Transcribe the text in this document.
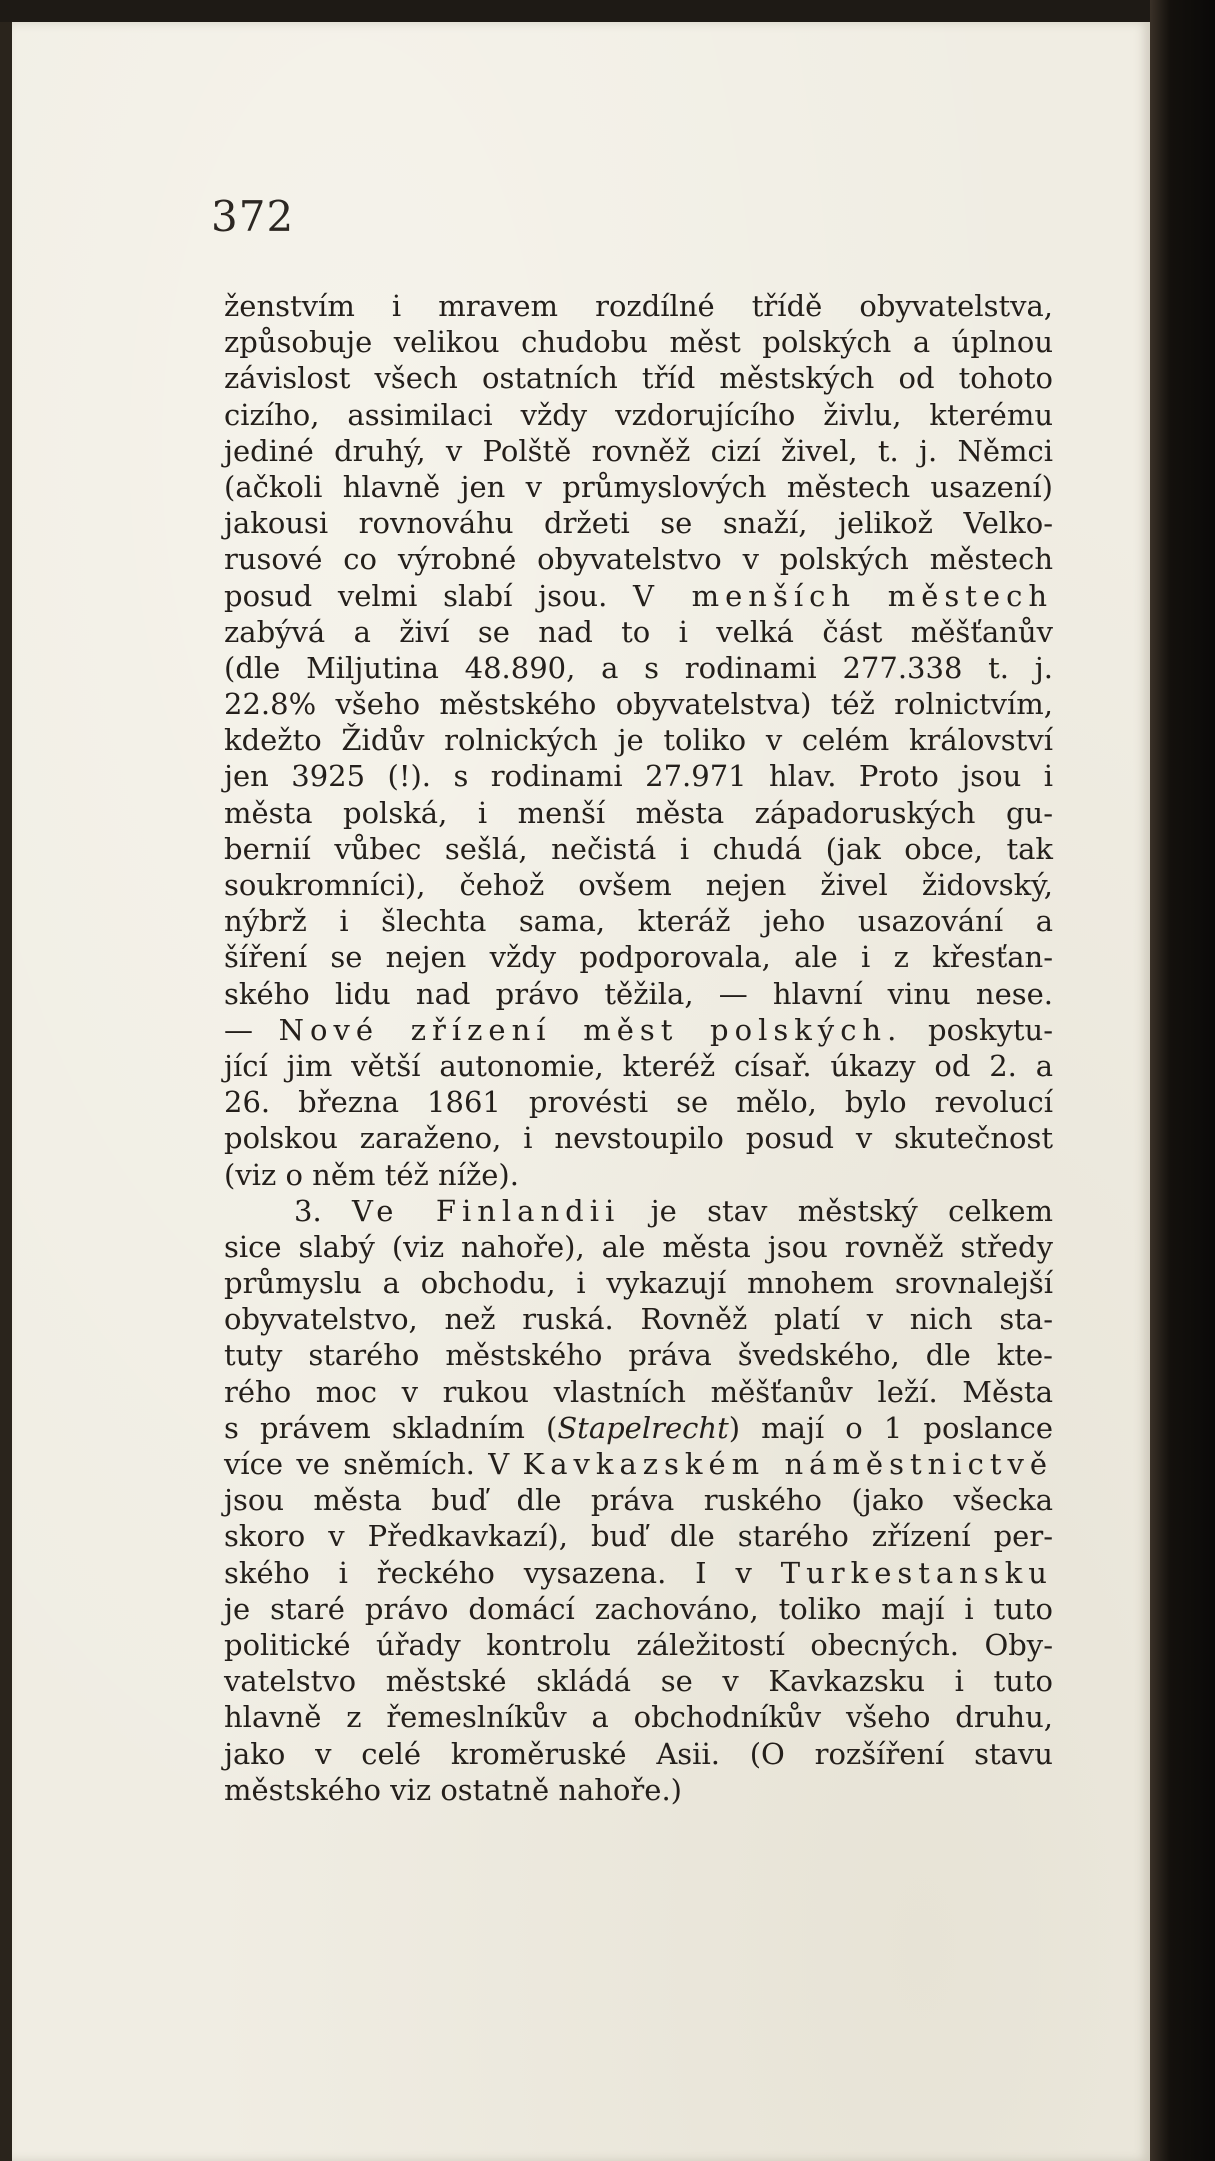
372
ženstvím i mravem rozdílné třídě obyvatelstva,
způsobuje velikou chudobu měst polských a úplnou
závislost všech ostatních tříd městských od tohoto
cizího, assimilaci vždy vzdorujícího živlu, kterému
jediné druhý, v Polště rovněž cizí živel, t. j. Němci
(ačkoli hlavně jen v průmyslových městech usazení)
jakousi rovnováhu držeti se snaží, jelikož Velko-
rusové co výrobné obyvatelstvo v polských městech
posud velmi slabí jsou. V menších městech
zabývá a živí se nad to i velká část měšťanův
(dle Miljutina 48.890, a s rodinami 277.338 t. j.
22.8% všeho městského obyvatelstva) též rolnictvím,
kdežto Židův rolnických je toliko v celém království
jen 3925 (!). s rodinami 27.971 hlav. Proto jsou i
města polská, i menší města západoruských gu-
bernií vůbec sešlá, nečistá i chudá (jak obce, tak
soukromníci), čehož ovšem nejen živel židovský,
nýbrž i šlechta sama, kteráž jeho usazování a
šíření se nejen vždy podporovala, ale i z křesťan-
ského lidu nad právo těžila, — hlavní vinu nese.
— Nové zřízení měst polských. poskytu-
jící jim větší autonomie, kteréž císař. úkazy od 2. a
26. března 1861 provésti se mělo, bylo revolucí
polskou zaraženo, i nevstoupilo posud v skutečnost
(viz o něm též níže).
3. Ve Finlandii je stav městský celkem
sice slabý (viz nahoře), ale města jsou rovněž středy
průmyslu a obchodu, i vykazují mnohem srovnalejší
obyvatelstvo, než ruská. Rovněž platí v nich sta-
tuty starého městského práva švedského, dle kte-
rého moc v rukou vlastních měšťanův leží. Města
s právem skladním (Stapelrecht) mají o 1 poslance
více ve sněmích. V Kavkazském náměstnictvě
jsou města buď dle práva ruského (jako všecka
skoro v Předkavkazí), buď dle starého zřízení per-
ského i řeckého vysazena. I v Turkestansku
je staré právo domácí zachováno, toliko mají i tuto
politické úřady kontrolu záležitostí obecných. Oby-
vatelstvo městské skládá se v Kavkazsku i tuto
hlavně z řemeslníkův a obchodníkův všeho druhu,
jako v celé kroměruské Asii. (O rozšíření stavu
městského viz ostatně nahoře.)
